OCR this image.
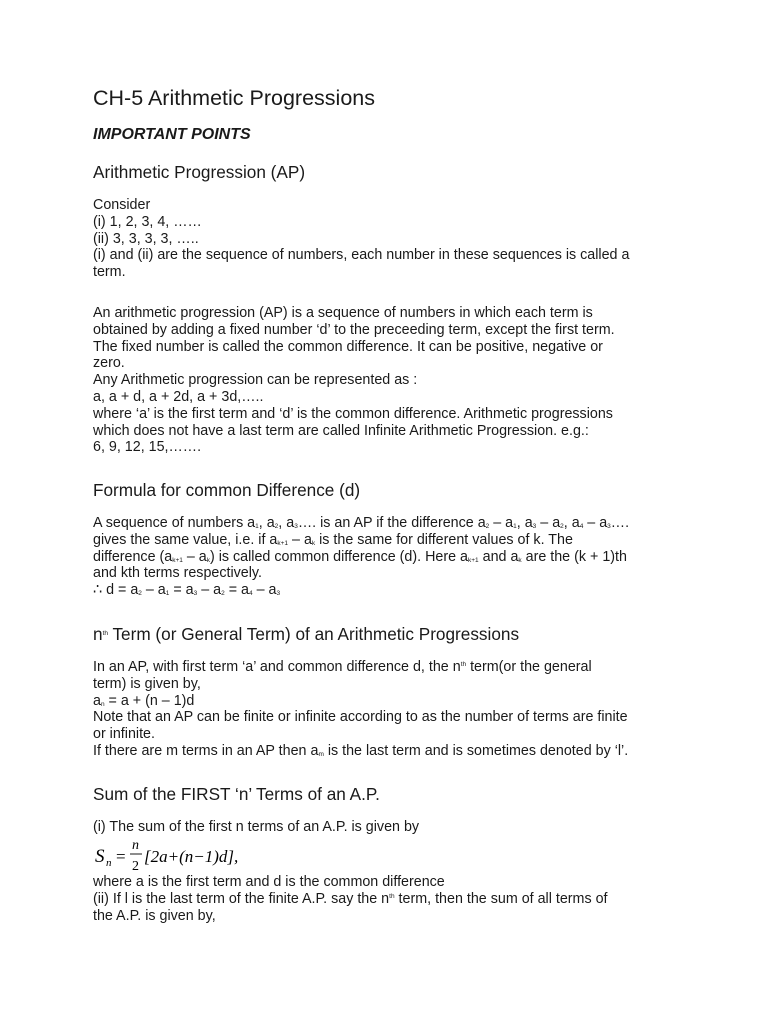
CH-5 Arithmetic Progressions
IMPORTANT POINTS
Arithmetic Progression (AP)
Consider
(i) 1, 2, 3, 4, ……
(ii) 3, 3, 3, 3, …..
(i) and (ii) are the sequence of numbers, each number in these sequences is called a
term.
An arithmetic progression (AP) is a sequence of numbers in which each term is
obtained by adding a fixed number ‘d’ to the preceeding term, except the first term.
The fixed number is called the common difference. It can be positive, negative or
zero.
Any Arithmetic progression can be represented as :
a, a + d, a + 2d, a + 3d,…..
where ‘a’ is the first term and ‘d’ is the common difference. Arithmetic progressions
which does not have a last term are called Infinite Arithmetic Progression. e.g.:
6, 9, 12, 15,…….
Formula for common Difference (d)
A sequence of numbers $a_1$, $a_2$, $a_3\dots$. is an AP if the difference $a_2 - a_1$, $a_3 - a_2$, $a_4$ – $a_3\dots$.
gives the same value, i.e. if $a_{k+1} - a_k$ is the same for different values of k. The
difference $(a_{k+1} - a_k)$ is called common difference (d). Here $a_{k+1}$ and $a_k$ are the (k + 1)th
and kth terms respectively.
∴ $d = a_2 - a_1 = a_3 - a_2 = a_4 - a_3$
$n^{th}$ Term (or General Term) of an Arithmetic Progressions
In an AP, with first term ‘a’ and common difference d, the $n^{th}$ term(or the general
term) is given by,
$a_n = a + (n - 1)d$
Note that an AP can be finite or infinite according to as the number of terms are finite
or infinite.
If there are m terms in an AP then $a_m$ is the last term and is sometimes denoted by ‘l’.
Sum of the FIRST ‘n’ Terms of an A.P.
(i) The sum of the first n terms of an A.P. is given by
S n =
n
2
[2a+(n−1)d],
where a is the first term and d is the common difference
(ii) If l is the last term of the finite A.P. say the $n^{th}$ term, then the sum of all terms of
the A.P. is given by,
